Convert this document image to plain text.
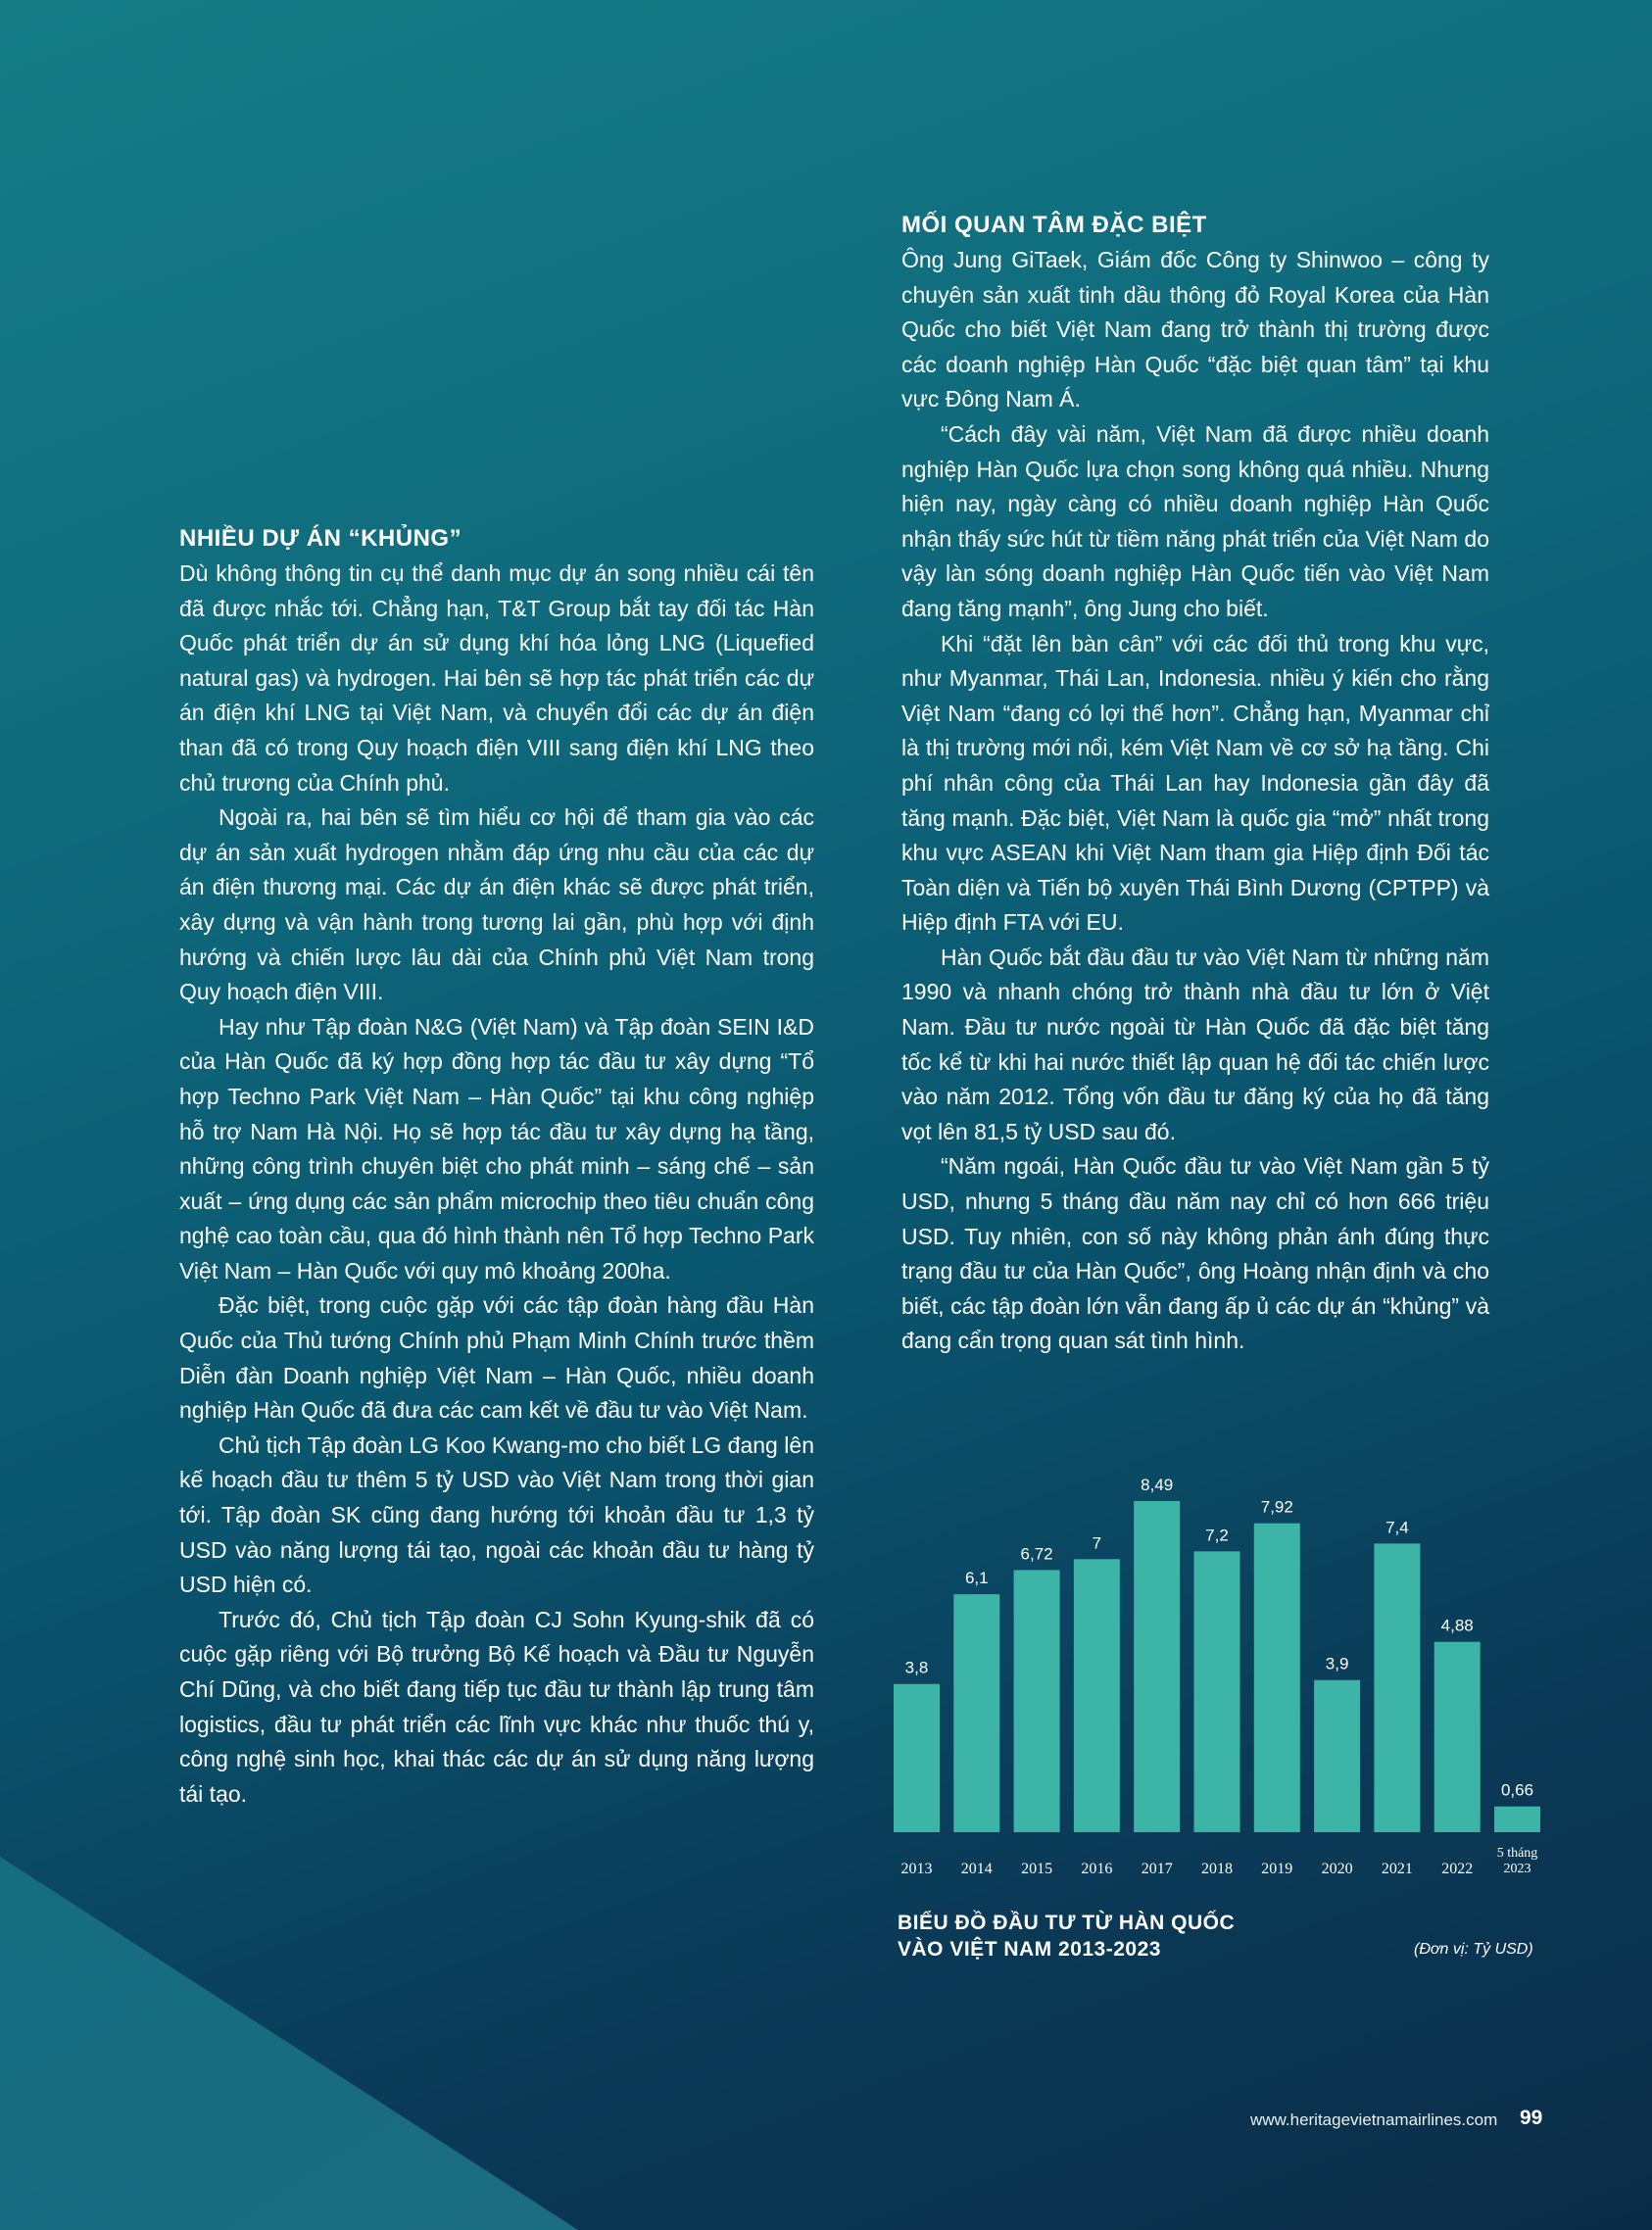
NHIỀU DỰ ÁN “KHỦNG”

Dù không thông tin cụ thể danh mục dự án song nhiều cái tên đã được nhắc tới. Chẳng hạn, T&T Group bắt tay đối tác Hàn Quốc phát triển dự án sử dụng khí hóa lỏng LNG (Liquefied natural gas) và hydrogen. Hai bên sẽ hợp tác phát triển các dự án điện khí LNG tại Việt Nam, và chuyển đổi các dự án điện than đã có trong Quy hoạch điện VIII sang điện khí LNG theo chủ trương của Chính phủ.

Ngoài ra, hai bên sẽ tìm hiểu cơ hội để tham gia vào các dự án sản xuất hydrogen nhằm đáp ứng nhu cầu của các dự án điện thương mại. Các dự án điện khác sẽ được phát triển, xây dựng và vận hành trong tương lai gần, phù hợp với định hướng và chiến lược lâu dài của Chính phủ Việt Nam trong Quy hoạch điện VIII.

Hay như Tập đoàn N&G (Việt Nam) và Tập đoàn SEIN I&D của Hàn Quốc đã ký hợp đồng hợp tác đầu tư xây dựng “Tổ hợp Techno Park Việt Nam – Hàn Quốc” tại khu công nghiệp hỗ trợ Nam Hà Nội. Họ sẽ hợp tác đầu tư xây dựng hạ tầng, những công trình chuyên biệt cho phát minh – sáng chế – sản xuất – ứng dụng các sản phẩm microchip theo tiêu chuẩn công nghệ cao toàn cầu, qua đó hình thành nên Tổ hợp Techno Park Việt Nam – Hàn Quốc với quy mô khoảng 200ha.

Đặc biệt, trong cuộc gặp với các tập đoàn hàng đầu Hàn Quốc của Thủ tướng Chính phủ Phạm Minh Chính trước thềm Diễn đàn Doanh nghiệp Việt Nam – Hàn Quốc, nhiều doanh nghiệp Hàn Quốc đã đưa các cam kết về đầu tư vào Việt Nam.

Chủ tịch Tập đoàn LG Koo Kwang-mo cho biết LG đang lên kế hoạch đầu tư thêm 5 tỷ USD vào Việt Nam trong thời gian tới. Tập đoàn SK cũng đang hướng tới khoản đầu tư 1,3 tỷ USD vào năng lượng tái tạo, ngoài các khoản đầu tư hàng tỷ USD hiện có.

Trước đó, Chủ tịch Tập đoàn CJ Sohn Kyung-shik đã có cuộc gặp riêng với Bộ trưởng Bộ Kế hoạch và Đầu tư Nguyễn Chí Dũng, và cho biết đang tiếp tục đầu tư thành lập trung tâm logistics, đầu tư phát triển các lĩnh vực khác như thuốc thú y, công nghệ sinh học, khai thác các dự án sử dụng năng lượng tái tạo.

MỐI QUAN TÂM ĐẶC BIỆT

Ông Jung GiTaek, Giám đốc Công ty Shinwoo – công ty chuyên sản xuất tinh dầu thông đỏ Royal Korea của Hàn Quốc cho biết Việt Nam đang trở thành thị trường được các doanh nghiệp Hàn Quốc “đặc biệt quan tâm” tại khu vực Đông Nam Á.

“Cách đây vài năm, Việt Nam đã được nhiều doanh nghiệp Hàn Quốc lựa chọn song không quá nhiều. Nhưng hiện nay, ngày càng có nhiều doanh nghiệp Hàn Quốc nhận thấy sức hút từ tiềm năng phát triển của Việt Nam do vậy làn sóng doanh nghiệp Hàn Quốc tiến vào Việt Nam đang tăng mạnh”, ông Jung cho biết.

Khi “đặt lên bàn cân” với các đối thủ trong khu vực, như Myanmar, Thái Lan, Indonesia. nhiều ý kiến cho rằng Việt Nam “đang có lợi thế hơn”. Chẳng hạn, Myanmar chỉ là thị trường mới nổi, kém Việt Nam về cơ sở hạ tầng. Chi phí nhân công của Thái Lan hay Indonesia gần đây đã tăng mạnh. Đặc biệt, Việt Nam là quốc gia “mở” nhất trong khu vực ASEAN khi Việt Nam tham gia Hiệp định Đối tác Toàn diện và Tiến bộ xuyên Thái Bình Dương (CPTPP) và Hiệp định FTA với EU.

Hàn Quốc bắt đầu đầu tư vào Việt Nam từ những năm 1990 và nhanh chóng trở thành nhà đầu tư lớn ở Việt Nam. Đầu tư nước ngoài từ Hàn Quốc đã đặc biệt tăng tốc kể từ khi hai nước thiết lập quan hệ đối tác chiến lược vào năm 2012. Tổng vốn đầu tư đăng ký của họ đã tăng vọt lên 81,5 tỷ USD sau đó.

“Năm ngoái, Hàn Quốc đầu tư vào Việt Nam gần 5 tỷ USD, nhưng 5 tháng đầu năm nay chỉ có hơn 666 triệu USD. Tuy nhiên, con số này không phản ánh đúng thực trạng đầu tư của Hàn Quốc”, ông Hoàng nhận định và cho biết, các tập đoàn lớn vẫn đang ấp ủ các dự án “khủng” và đang cẩn trọng quan sát tình hình.

3,8
2013
6,1
2014
6,72
2015
7
2016
8,49
2017
7,2
2018
7,92
2019
3,9
2020
7,4
2021
4,88
2022
0,66
5 tháng
2023
BIỂU ĐỒ ĐẦU TƯ TỪ HÀN QUỐC
VÀO VIỆT NAM 2013-2023	(Đơn vị: Tỷ USD)
www.heritagevietnamairlines.com 99
